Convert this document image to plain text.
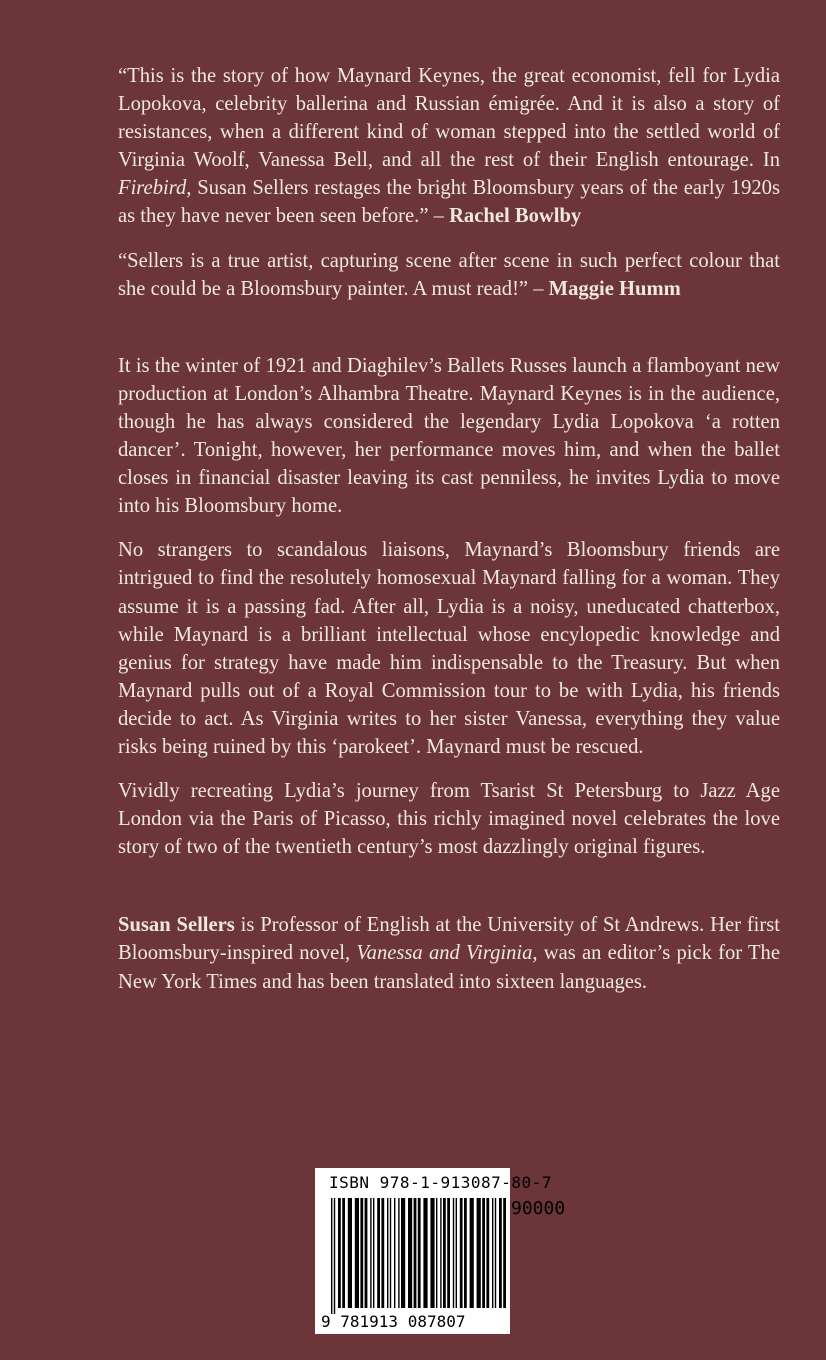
“This is the story of how Maynard Keynes, the great economist, fell for Lydia Lopokova, celebrity ballerina and Russian émigrée. And it is also a story of resistances, when a different kind of woman stepped into the settled world of Virginia Woolf, Vanessa Bell, and all the rest of their English entourage. In Firebird, Susan Sellers restages the bright Bloomsbury years of the early 1920s as they have never been seen before.” – Rachel Bowlby

“Sellers is a true artist, capturing scene after scene in such perfect colour that she could be a Bloomsbury painter. A must read!” – Maggie Humm

It is the winter of 1921 and Diaghilev’s Ballets Russes launch a flamboyant new production at London’s Alhambra Theatre. Maynard Keynes is in the audience, though he has always considered the legendary Lydia Lopokova ‘a rotten dancer’. Tonight, however, her performance moves him, and when the ballet closes in financial disaster leaving its cast penniless, he invites Lydia to move into his Bloomsbury home.

No strangers to scandalous liaisons, Maynard’s Bloomsbury friends are intrigued to find the resolutely homosexual Maynard falling for a woman. They assume it is a passing fad. After all, Lydia is a noisy, uneducated chatterbox, while Maynard is a brilliant intellectual whose encylopedic knowledge and genius for strategy have made him indispensable to the Treasury. But when Maynard pulls out of a Royal Commission tour to be with Lydia, his friends decide to act. As Virginia writes to her sister Vanessa, everything they value risks being ruined by this ‘parokeet’. Maynard must be rescued.

Vividly recreating Lydia’s journey from Tsarist St Petersburg to Jazz Age London via the Paris of Picasso, this richly imagined novel celebrates the love story of two of the twentieth century’s most dazzlingly original figures.

Susan Sellers is Professor of English at the University of St Andrews. Her first Bloomsbury-inspired novel, Vanessa and Virginia, was an editor’s pick for The New York Times and has been translated into sixteen languages.

ISBN 978-1-913087-80-7
90000
9 781913 087807
